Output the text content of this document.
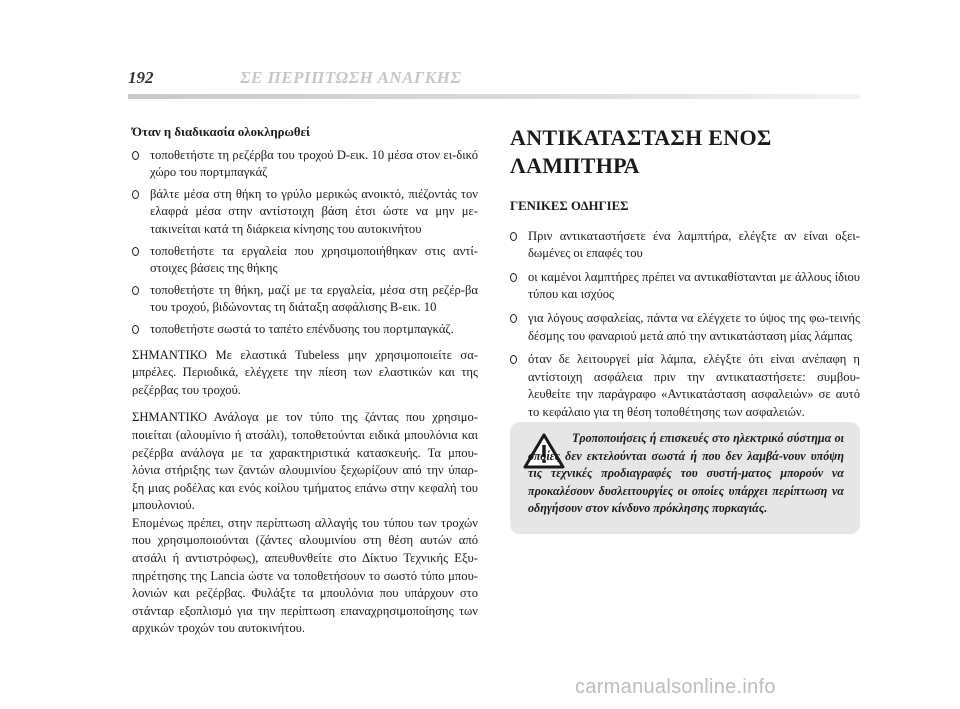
192	ΣΕ ΠΕΡΙΠΤΩΣΗ ΑΝΑΓΚΗΣ
Όταν η διαδικασία ολοκληρωθεί
τοποθετήστε τη ρεζέρβα του τροχού D-εικ. 10 μέσα στον ει-δικό χώρο του πορτμπαγκάζ
βάλτε μέσα στη θήκη το γρύλο μερικώς ανοικτό, πιέζοντάς τον ελαφρά μέσα στην αντίστοιχη βάση έτσι ώστε να μην με-τακινείται κατά τη διάρκεια κίνησης του αυτοκινήτου
τοποθετήστε τα εργαλεία που χρησιμοποιήθηκαν στις αντί-στοιχες βάσεις της θήκης
τοποθετήστε τη θήκη, μαζί με τα εργαλεία, μέσα στη ρεζέρ-βα του τροχού, βιδώνοντας τη διάταξη ασφάλισης B-εικ. 10
τοποθετήστε σωστά το ταπέτο επένδυσης του πορτμπαγκάζ.

ΣΗΜΑΝΤΙΚΟ Με ελαστικά Tubeless μην χρησιμοποιείτε σα-μπρέλες. Περιοδικά, ελέγχετε την πίεση των ελαστικών και της ρεζέρβας του τροχού.

ΣΗΜΑΝΤΙΚΟ Ανάλογα με τον τύπο της ζάντας που χρησιμο-ποιείται (αλουμίνιο ή ατσάλι), τοποθετούνται ειδικά μπουλόνια και ρεζέρβα ανάλογα με τα χαρακτηριστικά κατασκευής. Τα μπου-λόνια στήριξης των ζαντών αλουμινίου ξεχωρίζουν από την ύπαρ-ξη μιας ροδέλας και ενός κοίλου τμήματος επάνω στην κεφαλή του μπουλονιού.

Επομένως πρέπει, στην περίπτωση αλλαγής του τύπου των τροχών που χρησιμοποιούνται (ζάντες αλουμινίου στη θέση αυτών από ατσάλι ή αντιστρόφως), απευθυνθείτε στο Δίκτυο Τεχνικής Εξυ-πηρέτησης της Lancia ώστε να τοποθετήσουν το σωστό τύπο μπου-λονιών και ρεζέρβας. Φυλάξτε τα μπουλόνια που υπάρχουν στο στάνταρ εξοπλισμό για την περίπτωση επαναχρησιμοποίησης των αρχικών τροχών του αυτοκινήτου.

ΑΝΤΙΚΑΤΑΣΤΑΣΗ ΕΝΟΣ
ΛΑΜΠΤΗΡΑ
ΓΕΝΙΚΕΣ ΟΔΗΓΙΕΣ
Πριν αντικαταστήσετε ένα λαμπτήρα, ελέγξτε αν είναι οξει-δωμένες οι επαφές του
οι καμένοι λαμπτήρες πρέπει να αντικαθίστανται με άλλους ίδιου τύπου και ισχύος
για λόγους ασφαλείας, πάντα να ελέγχετε το ύψος της φω-τεινής δέσμης του φαναριού μετά από την αντικατάσταση μίας λάμπας
όταν δε λειτουργεί μία λάμπα, ελέγξτε ότι είναι ανέπαφη η αντίστοιχη ασφάλεια πριν την αντικαταστήσετε: συμβου-λευθείτε την παράγραφο «Αντικατάσταση ασφαλειών» σε αυτό το κεφάλαιο για τη θέση τοποθέτησης των ασφαλειών.
Τροποποιήσεις ή επισκευές στο ηλεκτρικό σύστημα οι οποίες δεν εκτελούνται σωστά ή που δεν λαμβά-νουν υπόψη τις τεχνικές προδιαγραφές του συστή-ματος μπορούν να προκαλέσουν δυσλειτουργίες οι οποίες υπάρχει περίπτωση να οδηγήσουν στον κίνδυνο πρόκλησης πυρκαγιάς.
carmanualsonline.info
